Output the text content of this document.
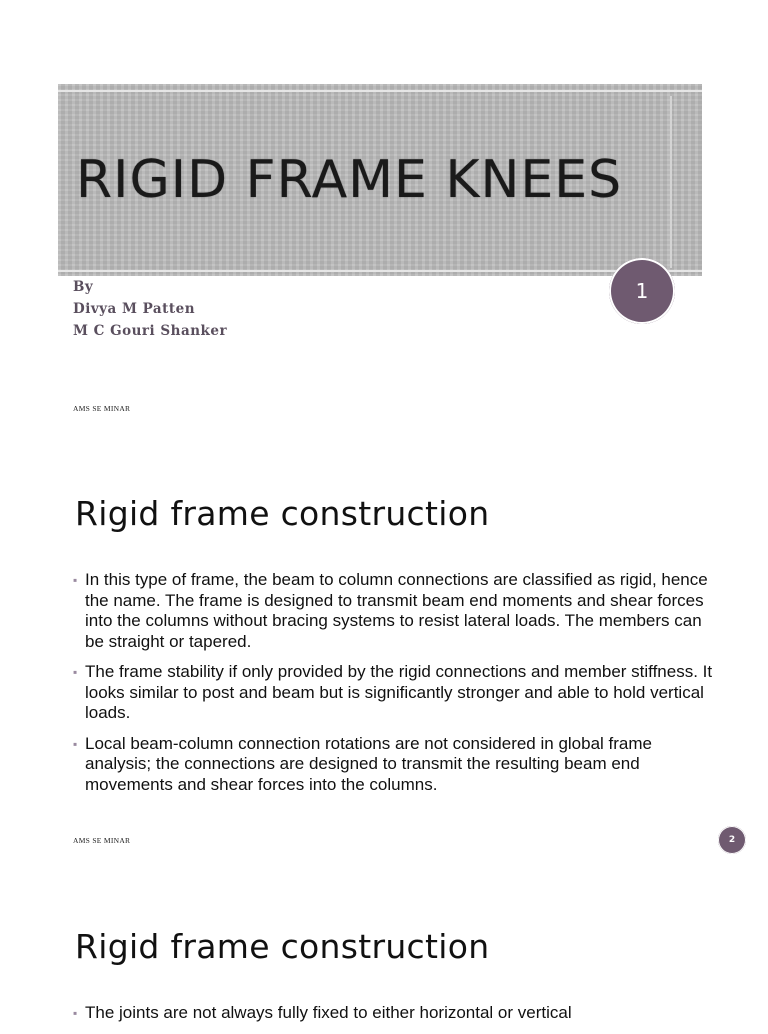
RIGID FRAME KNEES
By
Divya M Patten
M C Gouri Shanker
1
AMS SE MINAR
Rigid frame construction
▪ In this type of frame, the beam to column connections are classified as rigid, hence the name. The frame is designed to transmit beam end moments and shear forces into the columns without bracing systems to resist lateral loads. The members can be straight or tapered.
▪ The frame stability if only provided by the rigid connections and member stiffness. It looks similar to post and beam but is significantly stronger and able to hold vertical loads.
▪ Local beam-column connection rotations are not considered in global frame analysis; the connections are designed to transmit the resulting beam end movements and shear forces into the columns.
AMS SE MINAR	2
Rigid frame construction
▪ The joints are not always fully fixed to either horizontal or vertical
